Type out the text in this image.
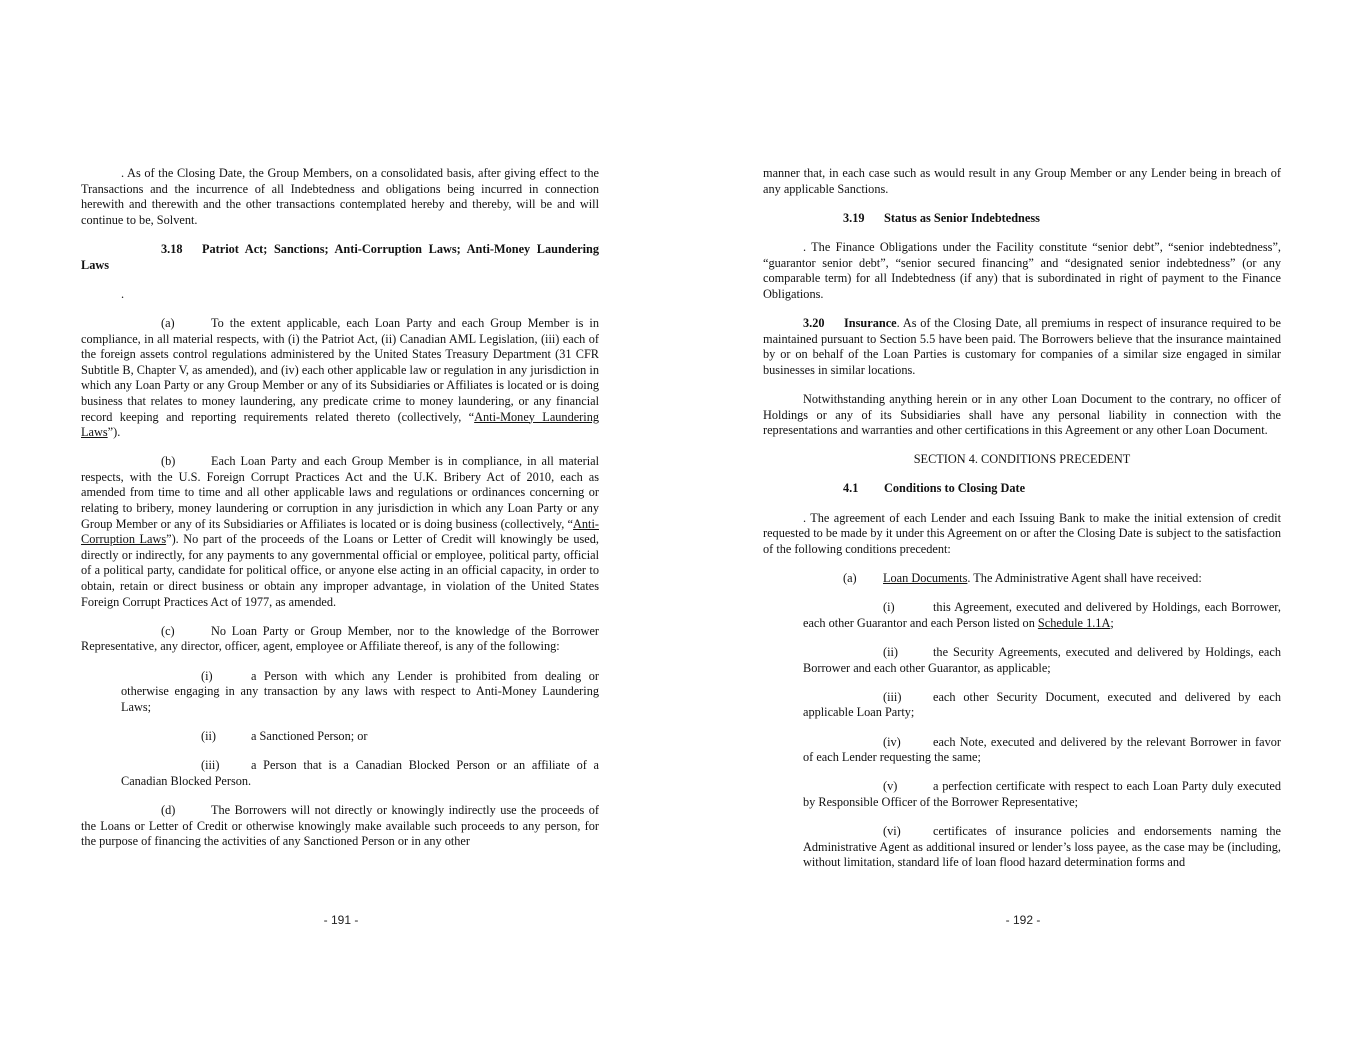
. As of the Closing Date, the Group Members, on a consolidated basis, after giving effect to the Transactions and the incurrence of all Indebtedness and obligations being incurred in connection herewith and therewith and the other transactions contemplated hereby and thereby, will be and will continue to be, Solvent.

3.18 Patriot Act; Sanctions; Anti-Corruption Laws; Anti-Money Laundering Laws

.

(a)	To the extent applicable, each Loan Party and each Group Member is in compliance, in all material respects, with (i) the Patriot Act, (ii) Canadian AML Legislation, (iii) each of the foreign assets control regulations administered by the United States Treasury Department (31 CFR Subtitle B, Chapter V, as amended), and (iv) each other applicable law or regulation in any jurisdiction in which any Loan Party or any Group Member or any of its Subsidiaries or Affiliates is located or is doing business that relates to money laundering, any predicate crime to money laundering, or any financial record keeping and reporting requirements related thereto (collectively, “Anti-Money Laundering Laws”).

(b)	Each Loan Party and each Group Member is in compliance, in all material respects, with the U.S. Foreign Corrupt Practices Act and the U.K. Bribery Act of 2010, each as amended from time to time and all other applicable laws and regulations or ordinances concerning or relating to bribery, money laundering or corruption in any jurisdiction in which any Loan Party or any Group Member or any of its Subsidiaries or Affiliates is located or is doing business (collectively, “Anti-Corruption Laws”). No part of the proceeds of the Loans or Letter of Credit will knowingly be used, directly or indirectly, for any payments to any governmental official or employee, political party, official of a political party, candidate for political office, or anyone else acting in an official capacity, in order to obtain, retain or direct business or obtain any improper advantage, in violation of the United States Foreign Corrupt Practices Act of 1977, as amended.

(c)	No Loan Party or Group Member, nor to the knowledge of the Borrower Representative, any director, officer, agent, employee or Affiliate thereof, is any of the following:

(i)	a Person with which any Lender is prohibited from dealing or otherwise engaging in any transaction by any laws with respect to Anti-Money Laundering Laws;

(ii)	a Sanctioned Person; or

(iii)	a Person that is a Canadian Blocked Person or an affiliate of a Canadian Blocked Person.

(d)	The Borrowers will not directly or knowingly indirectly use the proceeds of the Loans or Letter of Credit or otherwise knowingly make available such proceeds to any person, for the purpose of financing the activities of any Sanctioned Person or in any other

- 191 -

manner that, in each case such as would result in any Group Member or any Lender being in breach of any applicable Sanctions.

3.19 Status as Senior Indebtedness

. The Finance Obligations under the Facility constitute “senior debt”, “senior indebtedness”, “guarantor senior debt”, “senior secured financing” and “designated senior indebtedness” (or any comparable term) for all Indebtedness (if any) that is subordinated in right of payment to the Finance Obligations.

3.20 Insurance. As of the Closing Date, all premiums in respect of insurance required to be maintained pursuant to Section 5.5 have been paid. The Borrowers believe that the insurance maintained by or on behalf of the Loan Parties is customary for companies of a similar size engaged in similar businesses in similar locations.

Notwithstanding anything herein or in any other Loan Document to the contrary, no officer of Holdings or any of its Subsidiaries shall have any personal liability in connection with the representations and warranties and other certifications in this Agreement or any other Loan Document.

SECTION 4. CONDITIONS PRECEDENT

4.1 Conditions to Closing Date

. The agreement of each Lender and each Issuing Bank to make the initial extension of credit requested to be made by it under this Agreement on or after the Closing Date is subject to the satisfaction of the following conditions precedent:

(a) Loan Documents. The Administrative Agent shall have received:

(i)	this Agreement, executed and delivered by Holdings, each Borrower, each other Guarantor and each Person listed on Schedule 1.1A;

(ii)	the Security Agreements, executed and delivered by Holdings, each Borrower and each other Guarantor, as applicable;

(iii)	each other Security Document, executed and delivered by each applicable Loan Party;

(iv)	each Note, executed and delivered by the relevant Borrower in favor of each Lender requesting the same;

(v)	a perfection certificate with respect to each Loan Party duly executed by Responsible Officer of the Borrower Representative;

(vi)	certificates of insurance policies and endorsements naming the Administrative Agent as additional insured or lender’s loss payee, as the case may be (including, without limitation, standard life of loan flood hazard determination forms and

- 192 -
